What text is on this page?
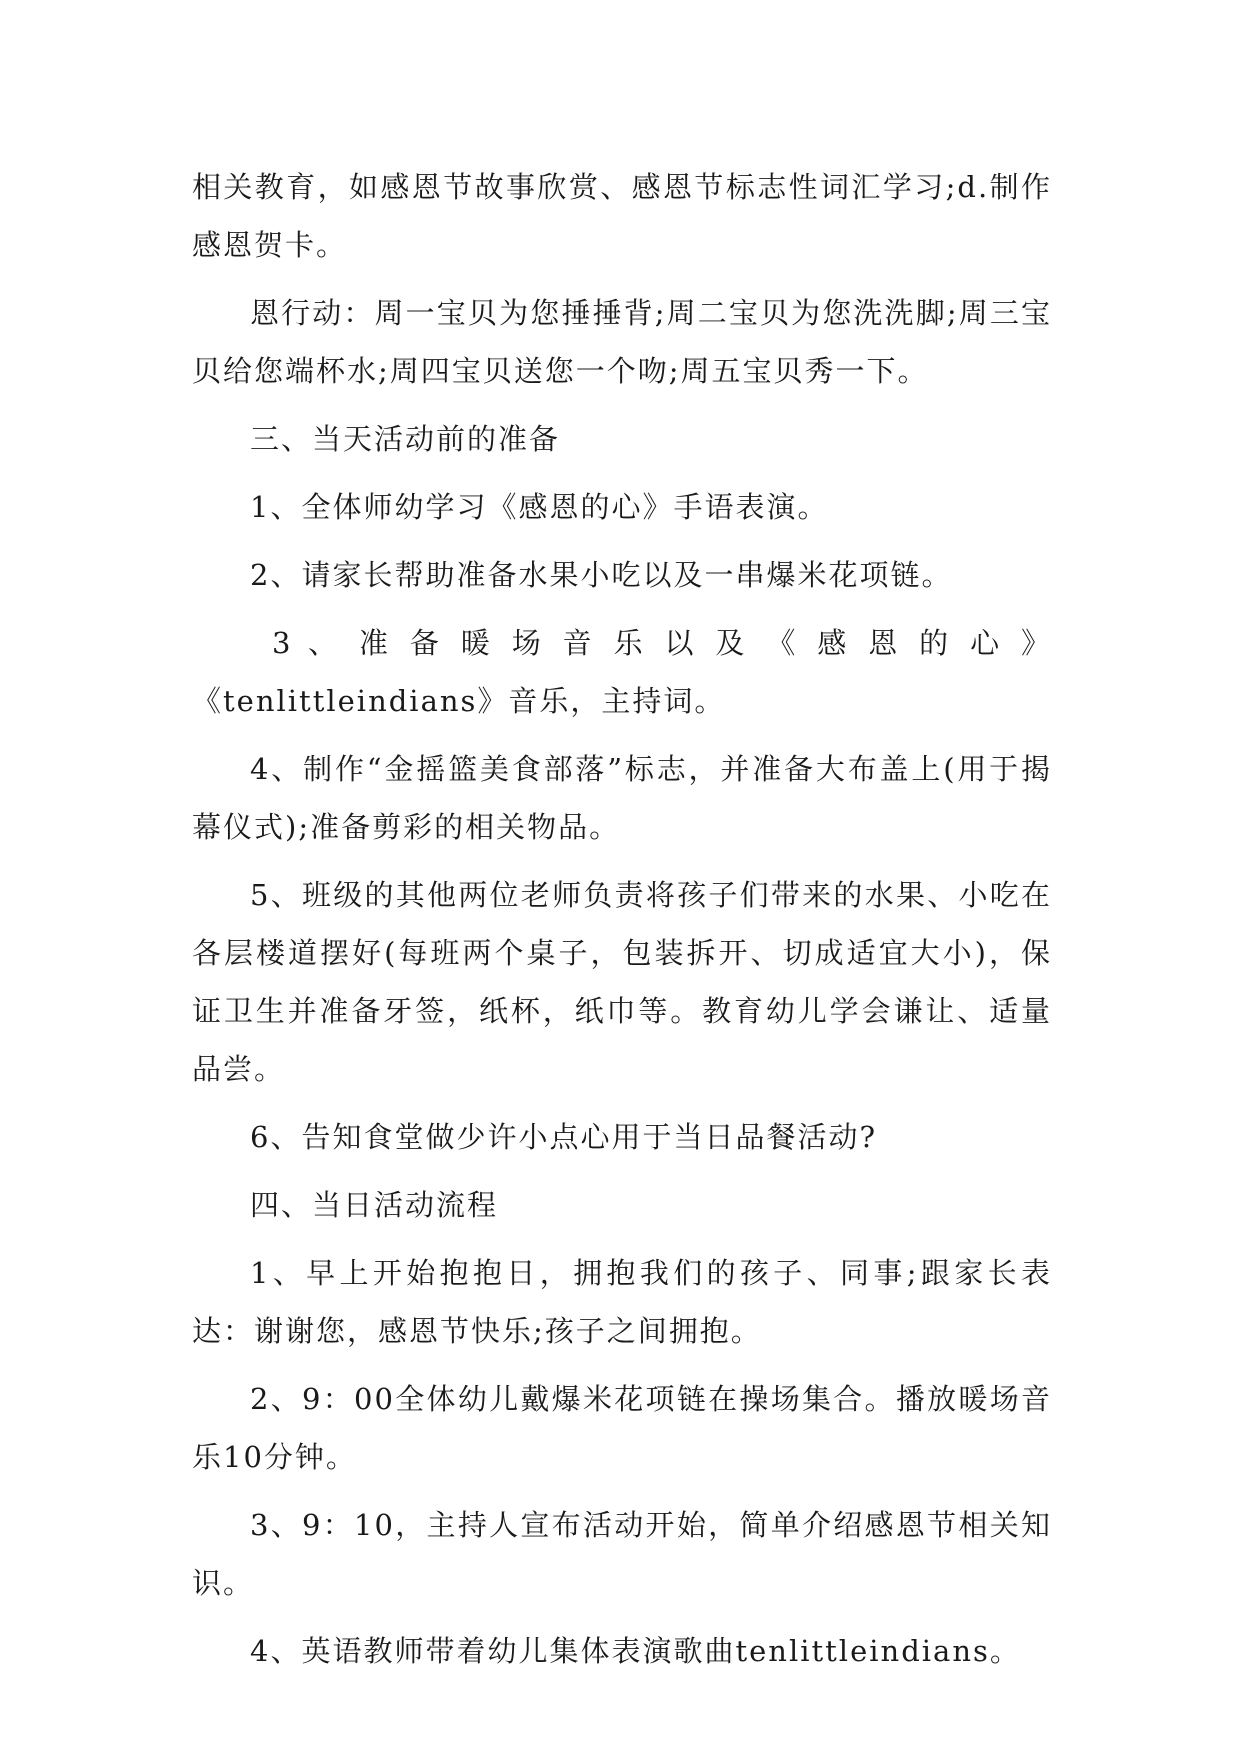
相关教育，如感恩节故事欣赏、感恩节标志性词汇学习;d.制作感恩贺卡。

恩行动：周一宝贝为您捶捶背;周二宝贝为您洗洗脚;周三宝贝给您端杯水;周四宝贝送您一个吻;周五宝贝秀一下。

三、当天活动前的准备

1、全体师幼学习《感恩的心》手语表演。

2、请家长帮助准备水果小吃以及一串爆米花项链。

3 、 准 备 暖 场 音 乐 以 及 《 感 恩 的 心 》

《tenlittleindians》音乐，主持词。

4、制作“金摇篮美食部落”标志，并准备大布盖上(用于揭幕仪式);准备剪彩的相关物品。

5、班级的其他两位老师负责将孩子们带来的水果、小吃在各层楼道摆好(每班两个桌子，包装拆开、切成适宜大小)，保证卫生并准备牙签，纸杯，纸巾等。教育幼儿学会谦让、适量品尝。

6、告知食堂做少许小点心用于当日品餐活动?

四、当日活动流程

1、早上开始抱抱日，拥抱我们的孩子、同事;跟家长表达：谢谢您，感恩节快乐;孩子之间拥抱。

2、9：00全体幼儿戴爆米花项链在操场集合。播放暖场音乐10分钟。

3、9：10，主持人宣布活动开始，简单介绍感恩节相关知识。

4、英语教师带着幼儿集体表演歌曲tenlittleindians。
